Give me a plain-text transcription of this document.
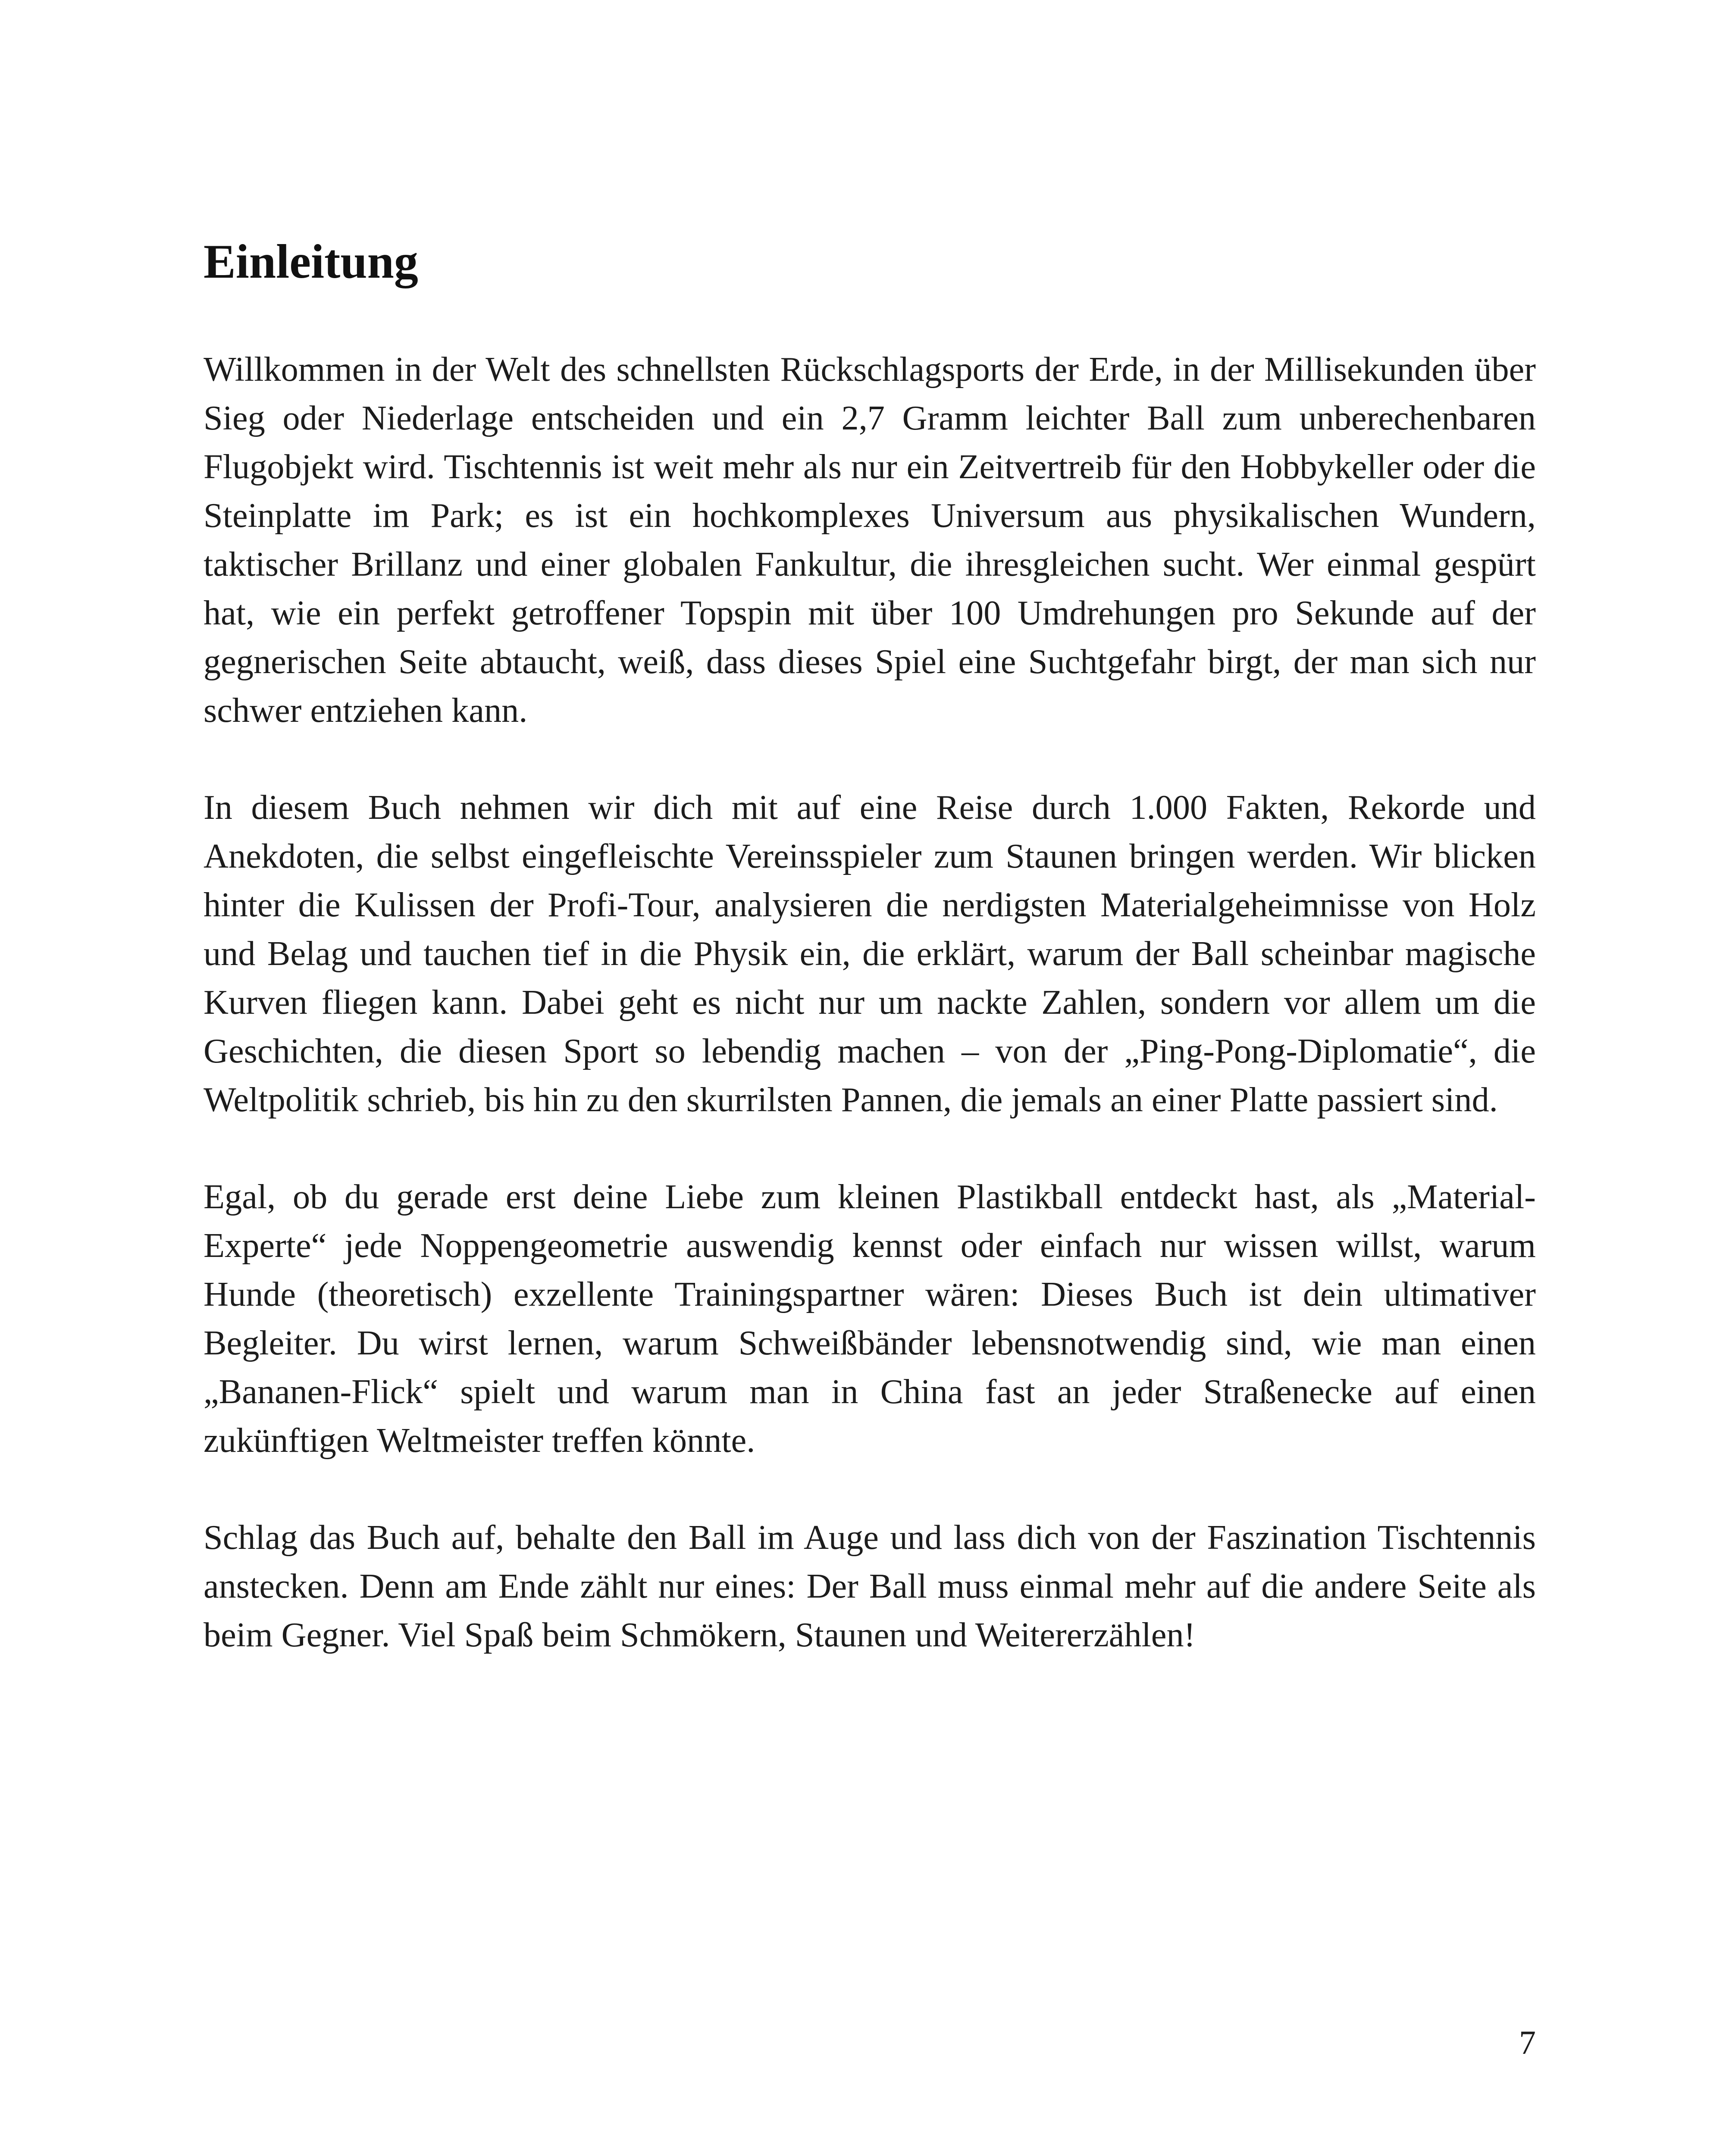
Einleitung

Willkommen in der Welt des schnellsten Rückschlagsports der Erde, in der Millisekunden über Sieg oder Niederlage entscheiden und ein 2,7 Gramm leichter Ball zum unberechenbaren Flugobjekt wird. Tischtennis ist weit mehr als nur ein Zeitvertreib für den Hobbykeller oder die Steinplatte im Park; es ist ein hochkomplexes Universum aus physikalischen Wundern, taktischer Brillanz und einer globalen Fankultur, die ihresgleichen sucht. Wer einmal gespürt hat, wie ein perfekt getroffener Topspin mit über 100 Umdrehungen pro Sekunde auf der gegnerischen Seite abtaucht, weiß, dass dieses Spiel eine Suchtgefahr birgt, der man sich nur schwer entziehen kann.

In diesem Buch nehmen wir dich mit auf eine Reise durch 1.000 Fakten, Rekorde und Anekdoten, die selbst eingefleischte Vereinsspieler zum Staunen bringen werden. Wir blicken hinter die Kulissen der Profi-Tour, analysieren die nerdigsten Materialgeheimnisse von Holz und Belag und tauchen tief in die Physik ein, die erklärt, warum der Ball scheinbar magische Kurven fliegen kann. Dabei geht es nicht nur um nackte Zahlen, sondern vor allem um die Geschichten, die diesen Sport so lebendig machen – von der „Ping-Pong-Diplomatie“, die Weltpolitik schrieb, bis hin zu den skurrilsten Pannen, die jemals an einer Platte passiert sind.

Egal, ob du gerade erst deine Liebe zum kleinen Plastikball entdeckt hast, als „Material-Experte“ jede Noppengeometrie auswendig kennst oder einfach nur wissen willst, warum Hunde (theoretisch) exzellente Trainingspartner wären: Dieses Buch ist dein ultimativer Begleiter. Du wirst lernen, warum Schweißbänder lebensnotwendig sind, wie man einen „Bananen-Flick“ spielt und warum man in China fast an jeder Straßenecke auf einen zukünftigen Weltmeister treffen könnte.

Schlag das Buch auf, behalte den Ball im Auge und lass dich von der Faszination Tischtennis anstecken. Denn am Ende zählt nur eines: Der Ball muss einmal mehr auf die andere Seite als beim Gegner. Viel Spaß beim Schmökern, Staunen und Weitererzählen!

7
